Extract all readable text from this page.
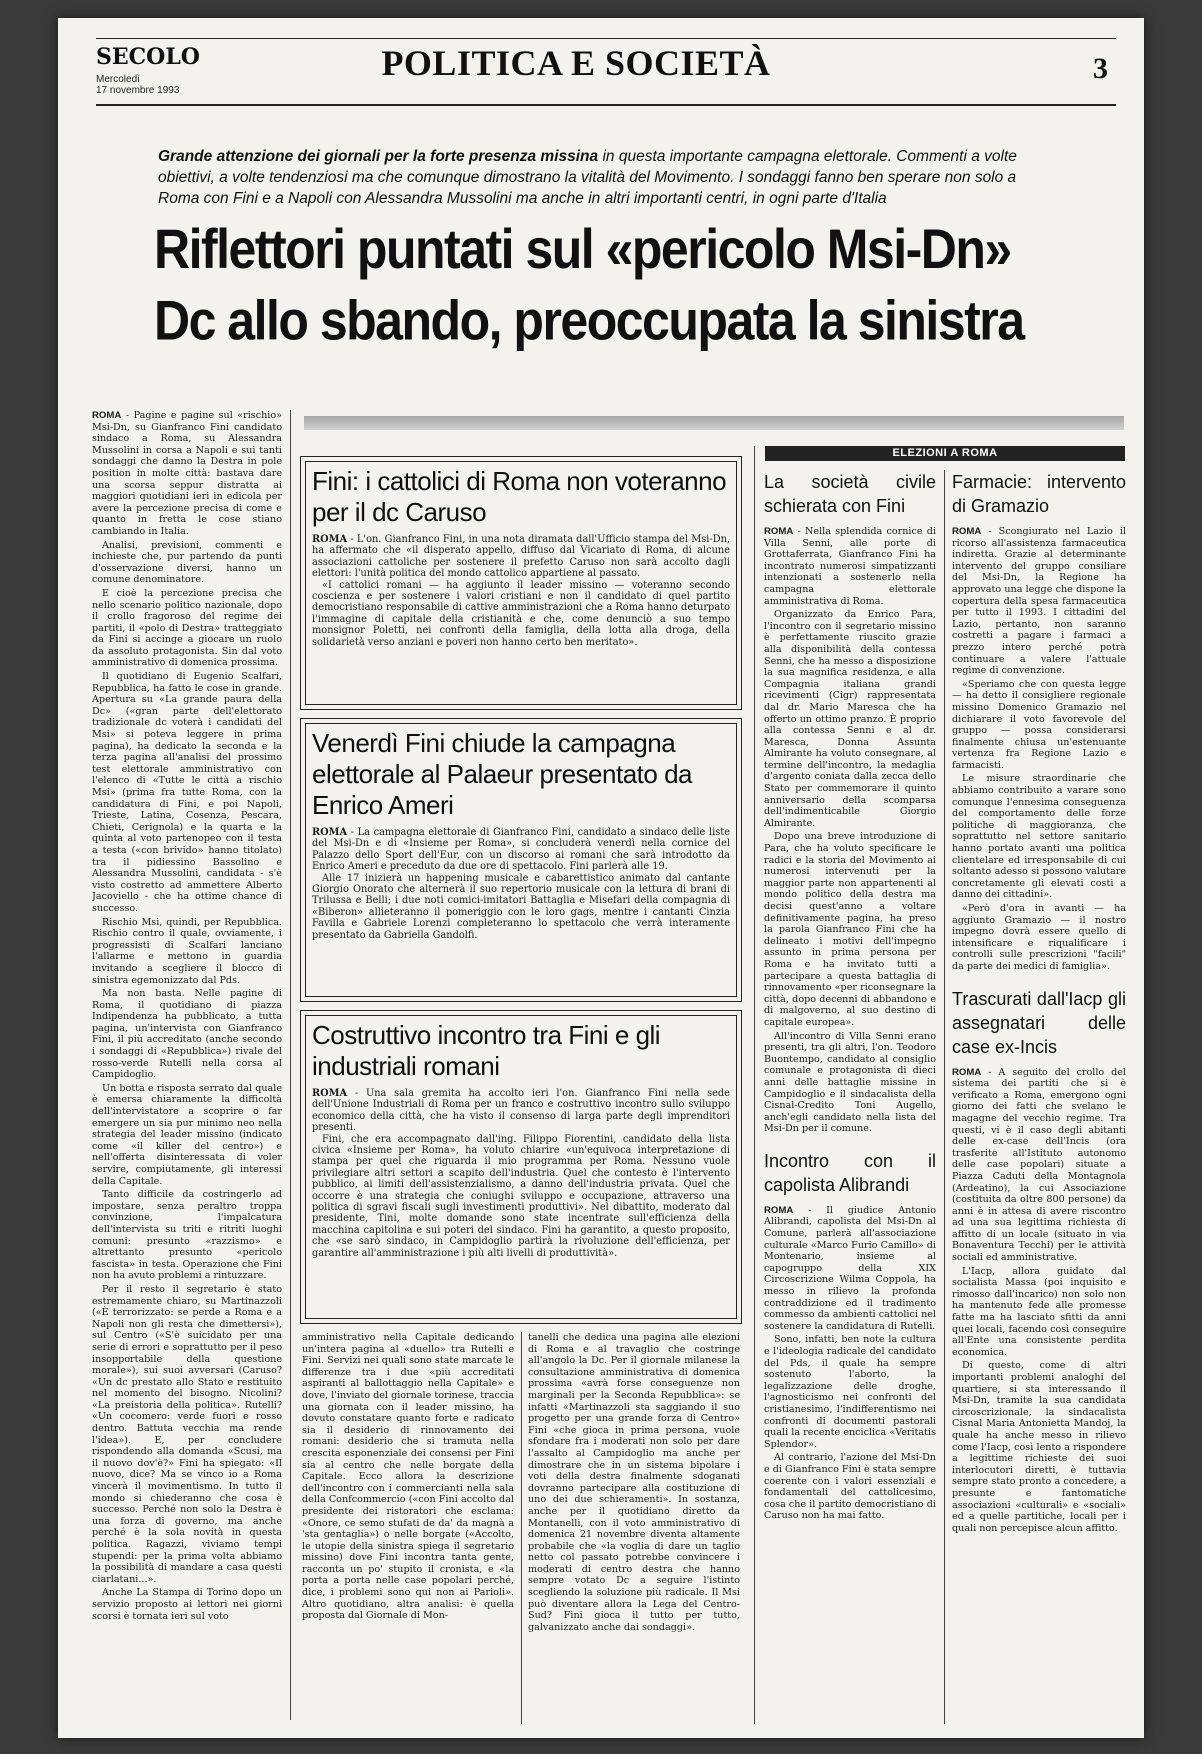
SECOLO
Mercoledì
17 novembre 1993
POLITICA E SOCIETÀ	3
Grande attenzione dei giornali per la forte presenza missina in questa importante campagna elettorale. Commenti a volte obiettivi, a volte tendenziosi ma che comunque dimostrano la vitalità del Movimento. I sondaggi fanno ben sperare non solo a Roma con Fini e a Napoli con Alessandra Mussolini ma anche in altri importanti centri, in ogni parte d'Italia
Riflettori puntati sul «pericolo Msi-Dn»
Dc allo sbando, preoccupata la sinistra

ROMA - Pagine e pagine sul «rischio» Msi-Dn, su Gianfranco Fini candidato sindaco a Roma, su Alessandra Mussolini in corsa a Napoli e sui tanti sondaggi che danno la Destra in pole position in molte città: bastava dare una scorsa seppur distratta ai maggiori quotidiani ieri in edicola per avere la percezione precisa di come e quanto in fretta le cose stiano cambiando in Italia.

Analisi, previsioni, commenti e inchieste che, pur partendo da punti d'osservazione diversi, hanno un comune denominatore.

E cioè la percezione precisa che nello scenario politico nazionale, dopo il crollo fragoroso del regime dei partiti, il «polo di Destra» tratteggiato da Fini si accinge a giocare un ruolo da assoluto protagonista. Sin dal voto amministrativo di domenica prossima.

Il quotidiano di Eugenio Scalfari, Repubblica, ha fatto le cose in grande. Apertura su «La grande paura della Dc» («gran parte dell'elettorato tradizionale dc voterà i candidati del Msi» si poteva leggere in prima pagina), ha dedicato la seconda e la terza pagina all'analisi del prossimo test elettorale amministrativo con l'elenco di «Tutte le città a rischio Msi» (prima fra tutte Roma, con la candidatura di Fini, e poi Napoli, Trieste, Latina, Cosenza, Pescara, Chieti, Cerignola) e la quarta e la quinta al voto partenopeo con il testa a testa («con brivido» hanno titolato) tra il pidiessino Bassolino e Alessandra Mussolini, candidata - s'è visto costretto ad ammettere Alberto Jacoviello - che ha ottime chance di successo.

Rischio Msi, quindi, per Repubblica. Rischio contro il quale, ovviamente, i progressisti di Scalfari lanciano l'allarme e mettono in guardia invitando a scegliere il blocco di sinistra egemonizzato dal Pds.

Ma non basta. Nelle pagine di Roma, il quotidiano di piazza Indipendenza ha pubblicato, a tutta pagina, un'intervista con Gianfranco Fini, il più accreditato (anche secondo i sondaggi di «Repubblica») rivale del rosso-verde Rutelli nella corsa al Campidoglio.

Un botta e risposta serrato dal quale è emersa chiaramente la difficoltà dell'intervistatore a scoprire o far emergere un sia pur minimo neo nella strategia del leader missino (indicato come «il killer del centro») e nell'offerta disinteressata di voler servire, compiutamente, gli interessi della Capitale.

Tanto difficile da costringerlo ad impostare, senza peraltro troppa convinzione, l'impalcatura dell'intervista su triti e ritriti luoghi comuni: presunto «razzismo» e altrettanto presunto «pericolo fascista» in testa. Operazione che Fini non ha avuto problemi a rintuzzare.

Per il resto il segretario è stato estremamente chiaro, su Martinazzoli («È terrorizzato: se perde a Roma e a Napoli non gli resta che dimettersi»), sul Centro («S'è suicidato per una serie di errori e soprattutto per il peso insopportabile della questione morale»), sui suoi avversari (Caruso? «Un dc prestato allo Stato e restituito nel momento del bisogno. Nicolini? «La preistoria della politica». Rutelli? «Un cocomero: verde fuori e rosso dentro. Battuta vecchia ma rende l'idea»). E, per concludere rispondendo alla domanda «Scusi, ma il nuovo dov'è?» Fini ha spiegato: «Il nuovo, dice? Ma se vinco io a Roma vincerà il movimentismo. In tutto il mondo si chiederanno che cosa è successo. Perché non solo la Destra è una forza di governo, ma anche perché è la sola novità in questa politica. Ragazzi, viviamo tempi stupendi: per la prima volta abbiamo la possibilità di mandare a casa questi ciarlatani...».

Anche La Stampa di Torino dopo un servizio proposto ai lettori nei giorni scorsi è tornata ieri sul voto

Fini: i cattolici di Roma non voteranno per il dc Caruso

ROMA - L'on. Gianfranco Fini, in una nota diramata dall'Ufficio stampa del Msi-Dn, ha affermato che «il disperato appello, diffuso dal Vicariato di Roma, di alcune associazioni cattoliche per sostenere il prefetto Caruso non sarà accolto dagli elettori: l'unità politica del mondo cattolico appartiene al passato.

«I cattolici romani — ha aggiunto il leader missino — voteranno secondo coscienza e per sostenere i valori cristiani e non il candidato di quel partito democristiano responsabile di cattive amministrazioni che a Roma hanno deturpato l'immagine di capitale della cristianità e che, come denunciò a suo tempo monsignor Poletti, nei confronti della famiglia, della lotta alla droga, della solidarietà verso anziani e poveri non hanno certo ben meritato».

Venerdì Fini chiude la campagna elettorale al Palaeur presentato da Enrico Ameri

ROMA - La campagna elettorale di Gianfranco Fini, candidato a sindaco delle liste del Msi-Dn e di «Insieme per Roma», si concluderà venerdì nella cornice del Palazzo dello Sport dell'Eur, con un discorso ai romani che sarà introdotto da Enrico Ameri e preceduto da due ore di spettacolo. Fini parlerà alle 19.

Alle 17 inizierà un happening musicale e cabarettistico animato dal cantante Giorgio Onorato che alternerà il suo repertorio musicale con la lettura di brani di Trilussa e Belli; i due noti comici-imitatori Battaglia e Misefari della compagnia di «Biberon» allieteranno il pomeriggio con le loro gags, mentre i cantanti Cinzia Favilla e Gabriele Lorenzi completeranno lo spettacolo che verrà interamente presentato da Gabriella Gandolfi.

Costruttivo incontro tra Fini e gli industriali romani

ROMA - Una sala gremita ha accolto ieri l'on. Gianfranco Fini nella sede dell'Unione Industriali di Roma per un franco e costruttivo incontro sullo sviluppo economico della città, che ha visto il consenso di larga parte degli imprenditori presenti.

Fini, che era accompagnato dall'ing. Filippo Fiorentini, candidato della lista civica «Insieme per Roma», ha voluto chiarire «un'equivoca interpretazione di stampa per quel che riguarda il mio programma per Roma. Nessuno vuole privilegiare altri settori a scapito dell'industria. Quel che contesto è l'intervento pubblico, ai limiti dell'assistenzialismo, a danno dell'industria privata. Quel che occorre è una strategia che coniughi sviluppo e occupazione, attraverso una politica di sgravi fiscali sugli investimenti produttivi». Nel dibattito, moderato dal presidente, Tini, molte domande sono state incentrate sull'efficienza della macchina capitolina e sui poteri del sindaco. Fini ha garantito, a questo proposito, che «se sarò sindaco, in Campidoglio partirà la rivoluzione dell'efficienza, per garantire all'amministrazione i più alti livelli di produttività».

amministrativo nella Capitale dedicando un'intera pagina al «duello» tra Rutelli e Fini. Servizi nei quali sono state marcate le differenze tra i due «più accreditati aspiranti al ballottaggio nella Capitale» e dove, l'inviato del giornale torinese, traccia una giornata con il leader missino, ha dovuto constatare quanto forte e radicato sia il desiderio di rinnovamento dei romani: desiderio che si tramuta nella crescita esponenziale dei consensi per Fini sia al centro che nelle borgate della Capitale. Ecco allora la descrizione dell'incontro con i commercianti nella sala della Confcommercio («con Fini accolto dal presidente dei ristoratori che esclama: «Onore, ce semo stufati de da' da magnà a 'sta gentaglia») o nelle borgate («Accolto, le utopie della sinistra spiega il segretario missino) dove Fini incontra tanta gente, racconta un po' stupito il cronista, e «la porta a porta nelle case popolari perché, dice, i problemi sono qui non ai Parioli». Altro quotidiano, altra analisi: è quella proposta dal Giornale di Mon-

tanelli che dedica una pagina alle elezioni di Roma e al travaglio che costringe all'angolo la Dc. Per il giornale milanese la consultazione amministrativa di domenica prossima «avrà forse conseguenze non marginali per la Seconda Repubblica»: se infatti «Martinazzoli sta saggiando il suo progetto per una grande forza di Centro» Fini «che gioca in prima persona, vuole sfondare fra i moderati non solo per dare l'assalto al Campidoglio ma anche per dimostrare che in un sistema bipolare i voti della destra finalmente sdoganati dovranno partecipare alla costituzione di uno dei due schieramenti». In sostanza, anche per il quotidiano diretto da Montanelli, con il voto amministrativo di domenica 21 novembre diventa altamente probabile che «la voglia di dare un taglio netto col passato potrebbe convincere i moderati di centro destra che hanno sempre votato Dc a seguire l'istinto scegliendo la soluzione più radicale. Il Msi può diventare allora la Lega del Centro-Sud? Fini gioca il tutto per tutto, galvanizzato anche dai sondaggi».

ELEZIONI A ROMA
La società civile schierata con Fini

ROMA - Nella splendida cornice di Villa Senni, alle porte di Grottaferrata, Gianfranco Fini ha incontrato numerosi simpatizzanti intenzionati a sostenerlo nella campagna elettorale amministrativa di Roma.

Organizzato da Enrico Para, l'incontro con il segretario missino è perfettamente riuscito grazie alla disponibilità della contessa Senni, che ha messo a disposizione la sua magnifica residenza, e alla Compagnia italiana grandi ricevimenti (Cigr) rappresentata dal dr. Mario Maresca che ha offerto un ottimo pranzo. È proprio alla contessa Senni e al dr. Maresca, Donna Assunta Almirante ha voluto consegnare, al termine dell'incontro, la medaglia d'argento coniata dalla zecca dello Stato per commemorare il quinto anniversario della scomparsa dell'indimenticabile Giorgio Almirante.

Dopo una breve introduzione di Para, che ha voluto specificare le radici e la storia del Movimento ai numerosi intervenuti per la maggior parte non appartenenti al mondo politico della destra ma decisi quest'anno a voltare definitivamente pagina, ha preso la parola Gianfranco Fini che ha delineato i motivi dell'impegno assunto in prima persona per Roma e ha invitato tutti a partecipare a questa battaglia di rinnovamento «per riconsegnare la città, dopo decenni di abbandono e di malgoverno, al suo destino di capitale europea».

All'incontro di Villa Senni erano presenti, tra gli altri, l'on. Teodoro Buontempo, candidato al consiglio comunale e protagonista di dieci anni delle battaglie missine in Campidoglio e il sindacalista della Cisnal-Credito Toni Augello, anch'egli candidato nella lista del Msi-Dn per il comune.

Incontro con il capolista Alibrandi

ROMA - Il giudice Antonio Alibrandi, capolista del Msi-Dn al Comune, parlerà all'associazione culturale «Marco Furio Camillo» di Montenario, insieme al capogruppo della XIX Circoscrizione Wilma Coppola, ha messo in rilievo la profonda contraddizione ed il tradimento commesso da ambienti cattolici nel sostenere la candidatura di Rutelli.

Sono, infatti, ben note la cultura e l'ideologia radicale del candidato del Pds, il quale ha sempre sostenuto l'aborto, la legalizzazione delle droghe, l'agnosticismo nei confronti del cristianesimo, l'indifferentismo nei confronti di documenti pastorali quali la recente enciclica «Veritatis Splendor».

Al contrario, l'azione del Msi-Dn e di Gianfranco Fini è stata sempre coerente con i valori essenziali e fondamentali del cattolicesimo, cosa che il partito democristiano di Caruso non ha mai fatto.

Farmacie: intervento di Gramazio

ROMA - Scongiurato nel Lazio il ricorso all'assistenza farmaceutica indiretta. Grazie al determinante intervento del gruppo consiliare del Msi-Dn, la Regione ha approvato una legge che dispone la copertura della spesa farmaceutica per tutto il 1993. I cittadini del Lazio, pertanto, non saranno costretti a pagare i farmaci a prezzo intero perché potrà continuare a valere l'attuale regime di convenzione.

«Speriamo che con questa legge — ha detto il consigliere regionale missino Domenico Gramazio nel dichiarare il voto favorevole del gruppo — possa considerarsi finalmente chiusa un'estenuante vertenza fra Regione Lazio e farmacisti.

Le misure straordinarie che abbiamo contribuito a varare sono comunque l'ennesima conseguenza del comportamento delle forze politiche di maggioranza, che soprattutto nel settore sanitario hanno portato avanti una politica clientelare ed irresponsabile di cui soltanto adesso si possono valutare concretamente gli elevati costi a danno dei cittadini».

«Però d'ora in avanti — ha aggiunto Gramazio — il nostro impegno dovrà essere quello di intensificare e riqualificare i controlli sulle prescrizioni "facili" da parte dei medici di famiglia».

Trascurati dall'Iacp gli assegnatari delle case ex-Incis

ROMA - A seguito del crollo del sistema dei partiti che si è verificato a Roma, emergono ogni giorno dei fatti che svelano le magagne del vecchio regime. Tra questi, vi è il caso degli abitanti delle ex-case dell'Incis (ora trasferite all'Istituto autonomo delle case popolari) situate a Piazza Caduti della Montagnola (Ardeatino), la cui Associazione (costituita da oltre 800 persone) da anni è in attesa di avere riscontro ad una sua legittima richiesta di affitto di un locale (situato in via Bonaventura Tecchi) per le attività sociali ed amministrative.

L'Iacp, allora guidato dal socialista Massa (poi inquisito e rimosso dall'incarico) non solo non ha mantenuto fede alle promesse fatte ma ha lasciato sfitti da anni quei locali, facendo così conseguire all'Ente una consistente perdita economica.

Di questo, come di altri importanti problemi analoghi del quartiere, si sta interessando il Msi-Dn, tramite la sua candidata circoscrizionale, la sindacalista Cisnal Maria Antonietta Mandoj, la quale ha anche messo in rilievo come l'Iacp, così lento a rispondere a legittime richieste dei suoi interlocutori diretti, è tuttavia sempre stato pronto a concedere, a presunte e fantomatiche associazioni «culturali» e «sociali» ed a quelle partitiche, locali per i quali non percepisce alcun affitto.
